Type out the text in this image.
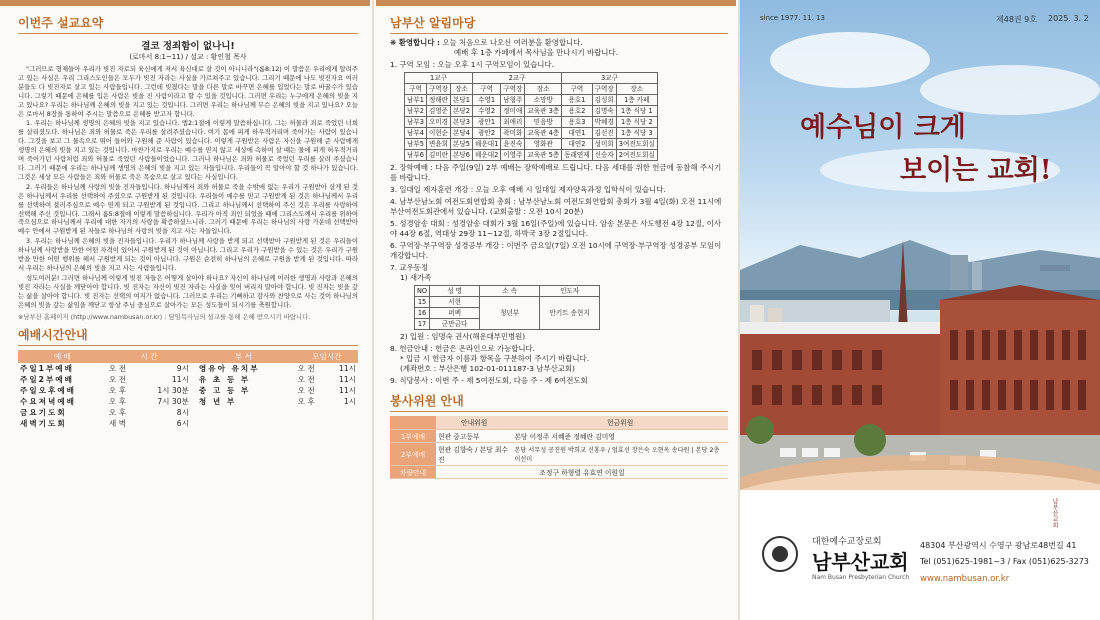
이번주 설교요약
결코 정죄함이 없나니!
(로마서 8:1~11) / 설교 : 황인철 목사

"그러므로 형제들아 우리가 빚진 자로되 육신에게 져서 육신대로 살 것이 아니니라"(롬8:12) 이 말씀은 우리에게 알려주고 있는 사실은 우리 그리스도인들은 모두가 빚진 자라는 사실을 가르쳐주고 있습니다. 그리기 때문에 나도 빚진자요 여러분들도 다 빚진자로 살고 있는 사람들입니다. 그런데 빚졌다는 말을 다른 말로 바꾸면 은혜를 입었다는 말로 바꿀수가 있습니다. 그렇기 때문에 은혜를 입은 사람은 빚을 진 사람이라고 할 수 있을 것입니다. 그러면 우리는 누구에게 은혜의 빚을 지고 있나요? 우리는 하나님께 은혜의 빚을 지고 있는 것입니다. 그러면 우리는 하나님께 무슨 은혜의 빚을 지고 있나요? 오늘은 로마서 8장을 통하여 주시는 말씀으로 은혜를 받고자 합니다.

1. 우리는 하나님께 생명의 은혜의 빚을 지고 있습니다. 엡2:1절에 이렇게 말씀하십니다. 그는 허물과 죄로 죽었던 너희를 살리셨도다. 하나님은 죄와 허물로 죽은 우리를 살려주셨습니다. 여기 몸에 피게 하우적거리며 죽어가는 사람이 있습니다. 그것을 보고 그 물속으로 뛰어 들어와 구원해 준 사람이 있습니다. 이렇게 구원받은 사람은 자신을 구원해 준 사람에게 생명의 은혜의 빚을 지고 있는 것입니다. 마찬가지로 우리는 예수를 믿지 않고 세상에 속하여 살 때는 물에 피게 허우적거리며 죽어가던 사람처럼 죄와 허물로 죽었던 사람들이었습니다. 그러나 하나님은 죄와 허물로 죽었던 우리를 살려 주셨습니다. 그러기 때문에 우리는 하나님께 생명의 은혜의 빚을 지고 있는 자들입니다. 우리들이 꼭 알아야 할 것 하나가 있습니다. 그것은 세상 모든 사람들은 죄와 허물로 죽은 목숨으로 살고 있다는 사실입니다.

2. 우리들은 하나님께 사랑의 빚을 진자들입니다. 하나님께서 죄와 허물로 죽을 수밖에 없는 우리가 구원받아 살게 된 것은 하나님께서 우리를 선택하여 주셨으로 구원받게 된 것입니다. 우리들이 예수를 믿고 구원받게 된 것은 하나님께서 우리를 선택하여 불러주심으로 예수 믿게 되고 구원받게 된 것입니다. 그리고 하나님께서 선택하여 주신 것은 우리를 사랑하여 선택해 주신 것입니다. 그래서 롬5:8절에 이렇게 말씀하십니다. 우리가 아직 죄인 되었을 때에 그리스도께서 우리를 위하여 죽으심으로 하나님께서 우리에 대한 자기의 사랑을 확증하셨느니라. 그러기 때문에 우리는 하나님의 사랑 가운데 선택받아 예수 안에서 구원받게 된 자들로 하나님의 사랑의 빚을 지고 사는 자들입니다.

3. 우리는 하나님께 은혜의 빚을 진자들입니다. 우리가 하나님께 사랑을 받게 되고 선택받아 구원받게 된 것은 우리들이 하나님께 사랑받을 만한 어떤 자격이 있어서 구원받게 된 것이 아닙니다. 그리고 우리가 구원받을 수 있는 것은 우리가 구원받을 만한 어떤 행위를 해서 구원받게 되는 것이 아닙니다. 구원은 순전히 하나님의 은혜로 구원을 받게 된 것입니다. 따라서 우리는 하나님의 은혜의 빚을 지고 사는 사람들입니다.

성도여러분! 그러면 하나님께 이렇게 빚진 자들은 어떻게 살아야 하나요? 자신이 하나님께 이러한 생명과 사랑과 은혜의 빚진 자라는 사실을 깨닫아야 합니다. 빚 진자는 자신이 빚진 자라는 사실을 잊어 버리지 말아야 합니다. 빚 진자는 빚을 갚는 삶을 살아야 합니다. 빚 진자는 선택의 여지가 없습니다. 그러므로 우리는 기뻐하고 감사와 찬양으로 사는 것이 하나님의 은혜의 빚을 갚는 삶임을 깨닫고 항상 주님 중심으로 살아가는 모든 성도들이 되시기를 축원합니다.

※남부산 홈페이지 (http://www.nambusan.or.kr) : 담임목사님의 설교를 통해 은혜 받으시기 바랍니다.
예배시간안내
예 배	시 간		부 서	모임시간	
주일1부예배	오 전	9시	영유아 유치부	오 전	11시
주일2부예배	오 전	11시	유 초 등 부	오 전	11시
주일오후예배	오 후	1시 30분	중 고 등 부	오 전	11시
수요저녁예배	오 후	7시 30분	청 년 부	오 후	1시
금요기도회	오 후	8시			
새벽기도회	새 벽	6시			
남부산 알림마당
❋ 환영합니다 : 오늘 처음으로 나오신 여러분을 환영합니다.
예배 후 1층 카페에서 목사님을 만나시기 바랍니다.
1. 구역 모임 : 오늘 오후 1시 구역모임이 있습니다.
1교구			2교구			3교구		
구역	구역장	장소	구역	구역장	장소	구역	구역장	장소
남부1	정해란	본당1	수영1	남형주	소망방	용호1	김성희	1층 카페
남부2	김영준	본당2	수영2	정미애	교육관 3층	용호2	김명숙	1층 식당 1
남부3	오미경	본당3	광안1	최애리	믿음방	용호3	박혜경	1층 식당 2
남부4	이현순	본당4	광안2	곽미화	교육관 4층	대연1	김선진	1층 식당 3
남부5	변윤희	본당5	해운대1	윤진숙	영화관	대연2	성미희	3여전도회실
남부6	김미란	본당6	해운대2	이영주	교육관 5층	동래연제	신승자	2여전도회실
2. 장학예배 : 다음 주일(9일) 2부 예배는 장학예배로 드립니다. 다음 세대를 위한 헌금에 동참해 주시기를 바랍니다.
3. 일대일 제자훈련 개강 : 오늘 오후 예배 시 일대일 제자양육과정 입학식이 있습니다.
4. 남부산남노회 여전도회연합회 총회 : 남부산남노회 여전도회연합회 총회가 3월 4일(화) 오전 11시에 부산여전도회관에서 있습니다. (교회출발 : 오전 10시 20분)
5. 성경암송 대회 : 성경암송 대회가 3월 16일(주일)에 있습니다. 암송 본문은 사도행전 4장 12절, 이사야 44장 6절, 역대상 29장 11~12절, 하박국 3장 2절입니다.
6. 구역장·부구역장 성경공부 개강 : 이번주 금요일(7일) 오전 10시에 구역장·부구역장 성경공부 모임이 개강합니다.
7. 교우동정
1) 새가족
NO	성 명	소 속	인도자
15	서현	청년부	안키트 송현지
16	퍼펙		
17	군만금다		
2) 입원 : 임명숙 권사(해운대부민병원)
8. 헌금안내 : 헌금은 온라인으로 가능합니다.
* 입금 시 헌금자 이름과 항목을 구분하여 주시기 바랍니다.
(계좌번호 : 부산은행 102-01-011187-3 남부산교회)
9. 식당봉사 : 이번 주 - 제 5여전도회, 다음 주 - 제 6여전도회
봉사위원 안내
	안내위원	헌금위원
1부예배	현관 중고등부	본당 이정주 서혜준 정혜란 김미영
2부예배	현관 김향숙 / 본당 최수진	본당 서무성 공진원 박희교 신홍우 / 엄효선 장은숙 오현옥 송다원 | 본당 2층 이선미
차량안내	조정구 하형렬 유효연 이원일	
since 1977. 11. 13	제48권 9호 2025. 3. 2
예수님이 크게
보이는 교회!
대한예수교장로회
남부산교회
Nam Busan Presbyterian Church
48304 부산광역시 수영구 광남로48번길 41
Tel (051)625-1981~3 / Fax (051)625-3273
www.nambusan.or.kr
남부산교회
